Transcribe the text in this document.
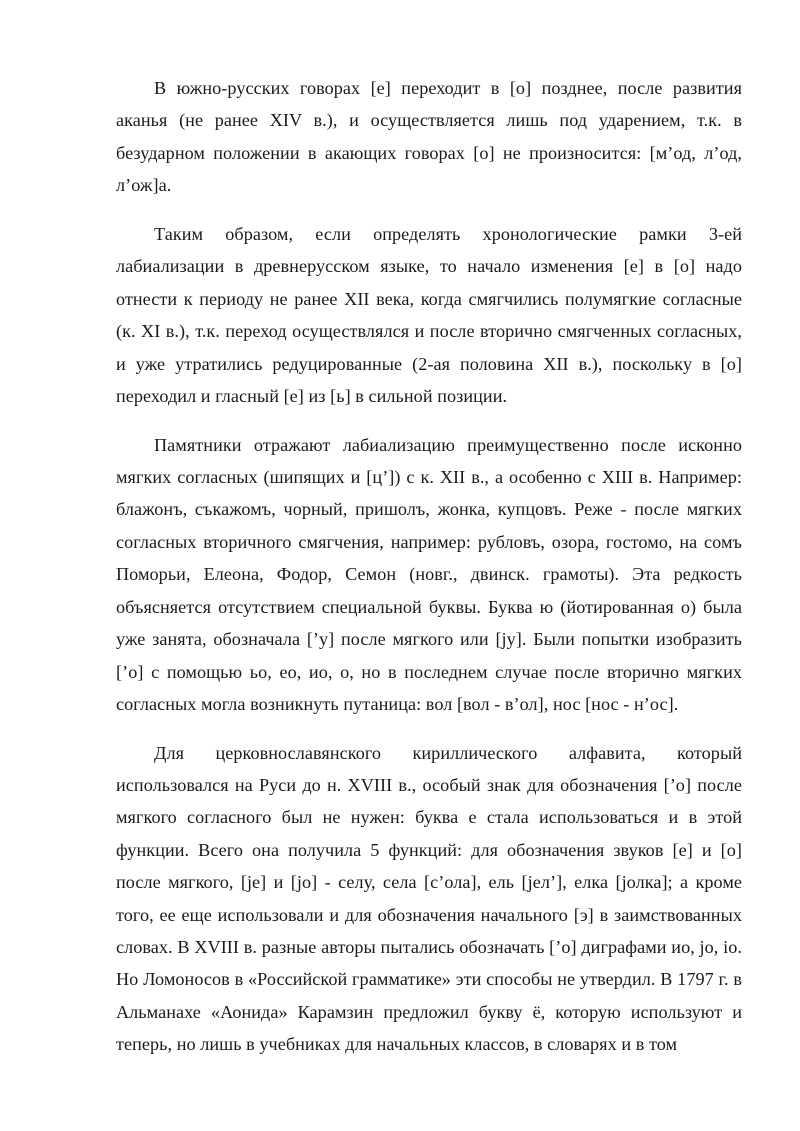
В южно-русских говорах [е] переходит в [о] позднее, после развития аканья (не ранее XIV в.), и осуществляется лишь под ударением, т.к. в безударном положении в акающих говорах [о] не произносится: [м’од, л’од, л’ож]а.

Таким образом, если определять хронологические рамки 3-ей лабиализации в древнерусском языке, то начало изменения [е] в [о] надо отнести к периоду не ранее XII века, когда смягчились полумягкие согласные (к. XI в.), т.к. переход осуществлялся и после вторично смягченных согласных, и уже утратились редуцированные (2-ая половина XII в.), поскольку в [о] переходил и гласный [е] из [ь] в сильной позиции.

Памятники отражают лабиализацию преимущественно после исконно мягких согласных (шипящих и [ц’]) с к. XII в., а особенно с XIII в. Например: блажонъ, съкажомъ, чорный, пришолъ, жонка, купцовъ. Реже - после мягких согласных вторичного смягчения, например: рубловъ, озора, гостомо, на сомъ Поморьи, Елеона, Фодор, Семон (новг., двинск. грамоты). Эта редкость объясняется отсутствием специальной буквы. Буква ю (йотированная о) была уже занята, обозначала [’у] после мягкого или [jу]. Были попытки изобразить [’о] с помощью ьо, ео, ио, о, но в последнем случае после вторично мягких согласных могла возникнуть путаница: вол [вол - в’ол], нос [нос - н’ос].

Для церковнославянского кириллического алфавита, который использовался на Руси до н. XVIII в., особый знак для обозначения [’о] после мягкого согласного был не нужен: буква е стала использоваться и в этой функции. Всего она получила 5 функций: для обозначения звуков [е] и [о] после мягкого, [jе] и [jо] - селу, села [с’ола], ель [jел’], елка [jолка]; а кроме того, ее еще использовали и для обозначения начального [э] в заимствованных словах. В XVIII в. разные авторы пытались обозначать [’о] диграфами ио, jo, io. Но Ломоносов в «Российской грамматике» эти способы не утвердил. В 1797 г. в Альманахе «Аонида» Карамзин предложил букву ё, которую используют и теперь, но лишь в учебниках для начальных классов, в словарях и в том
